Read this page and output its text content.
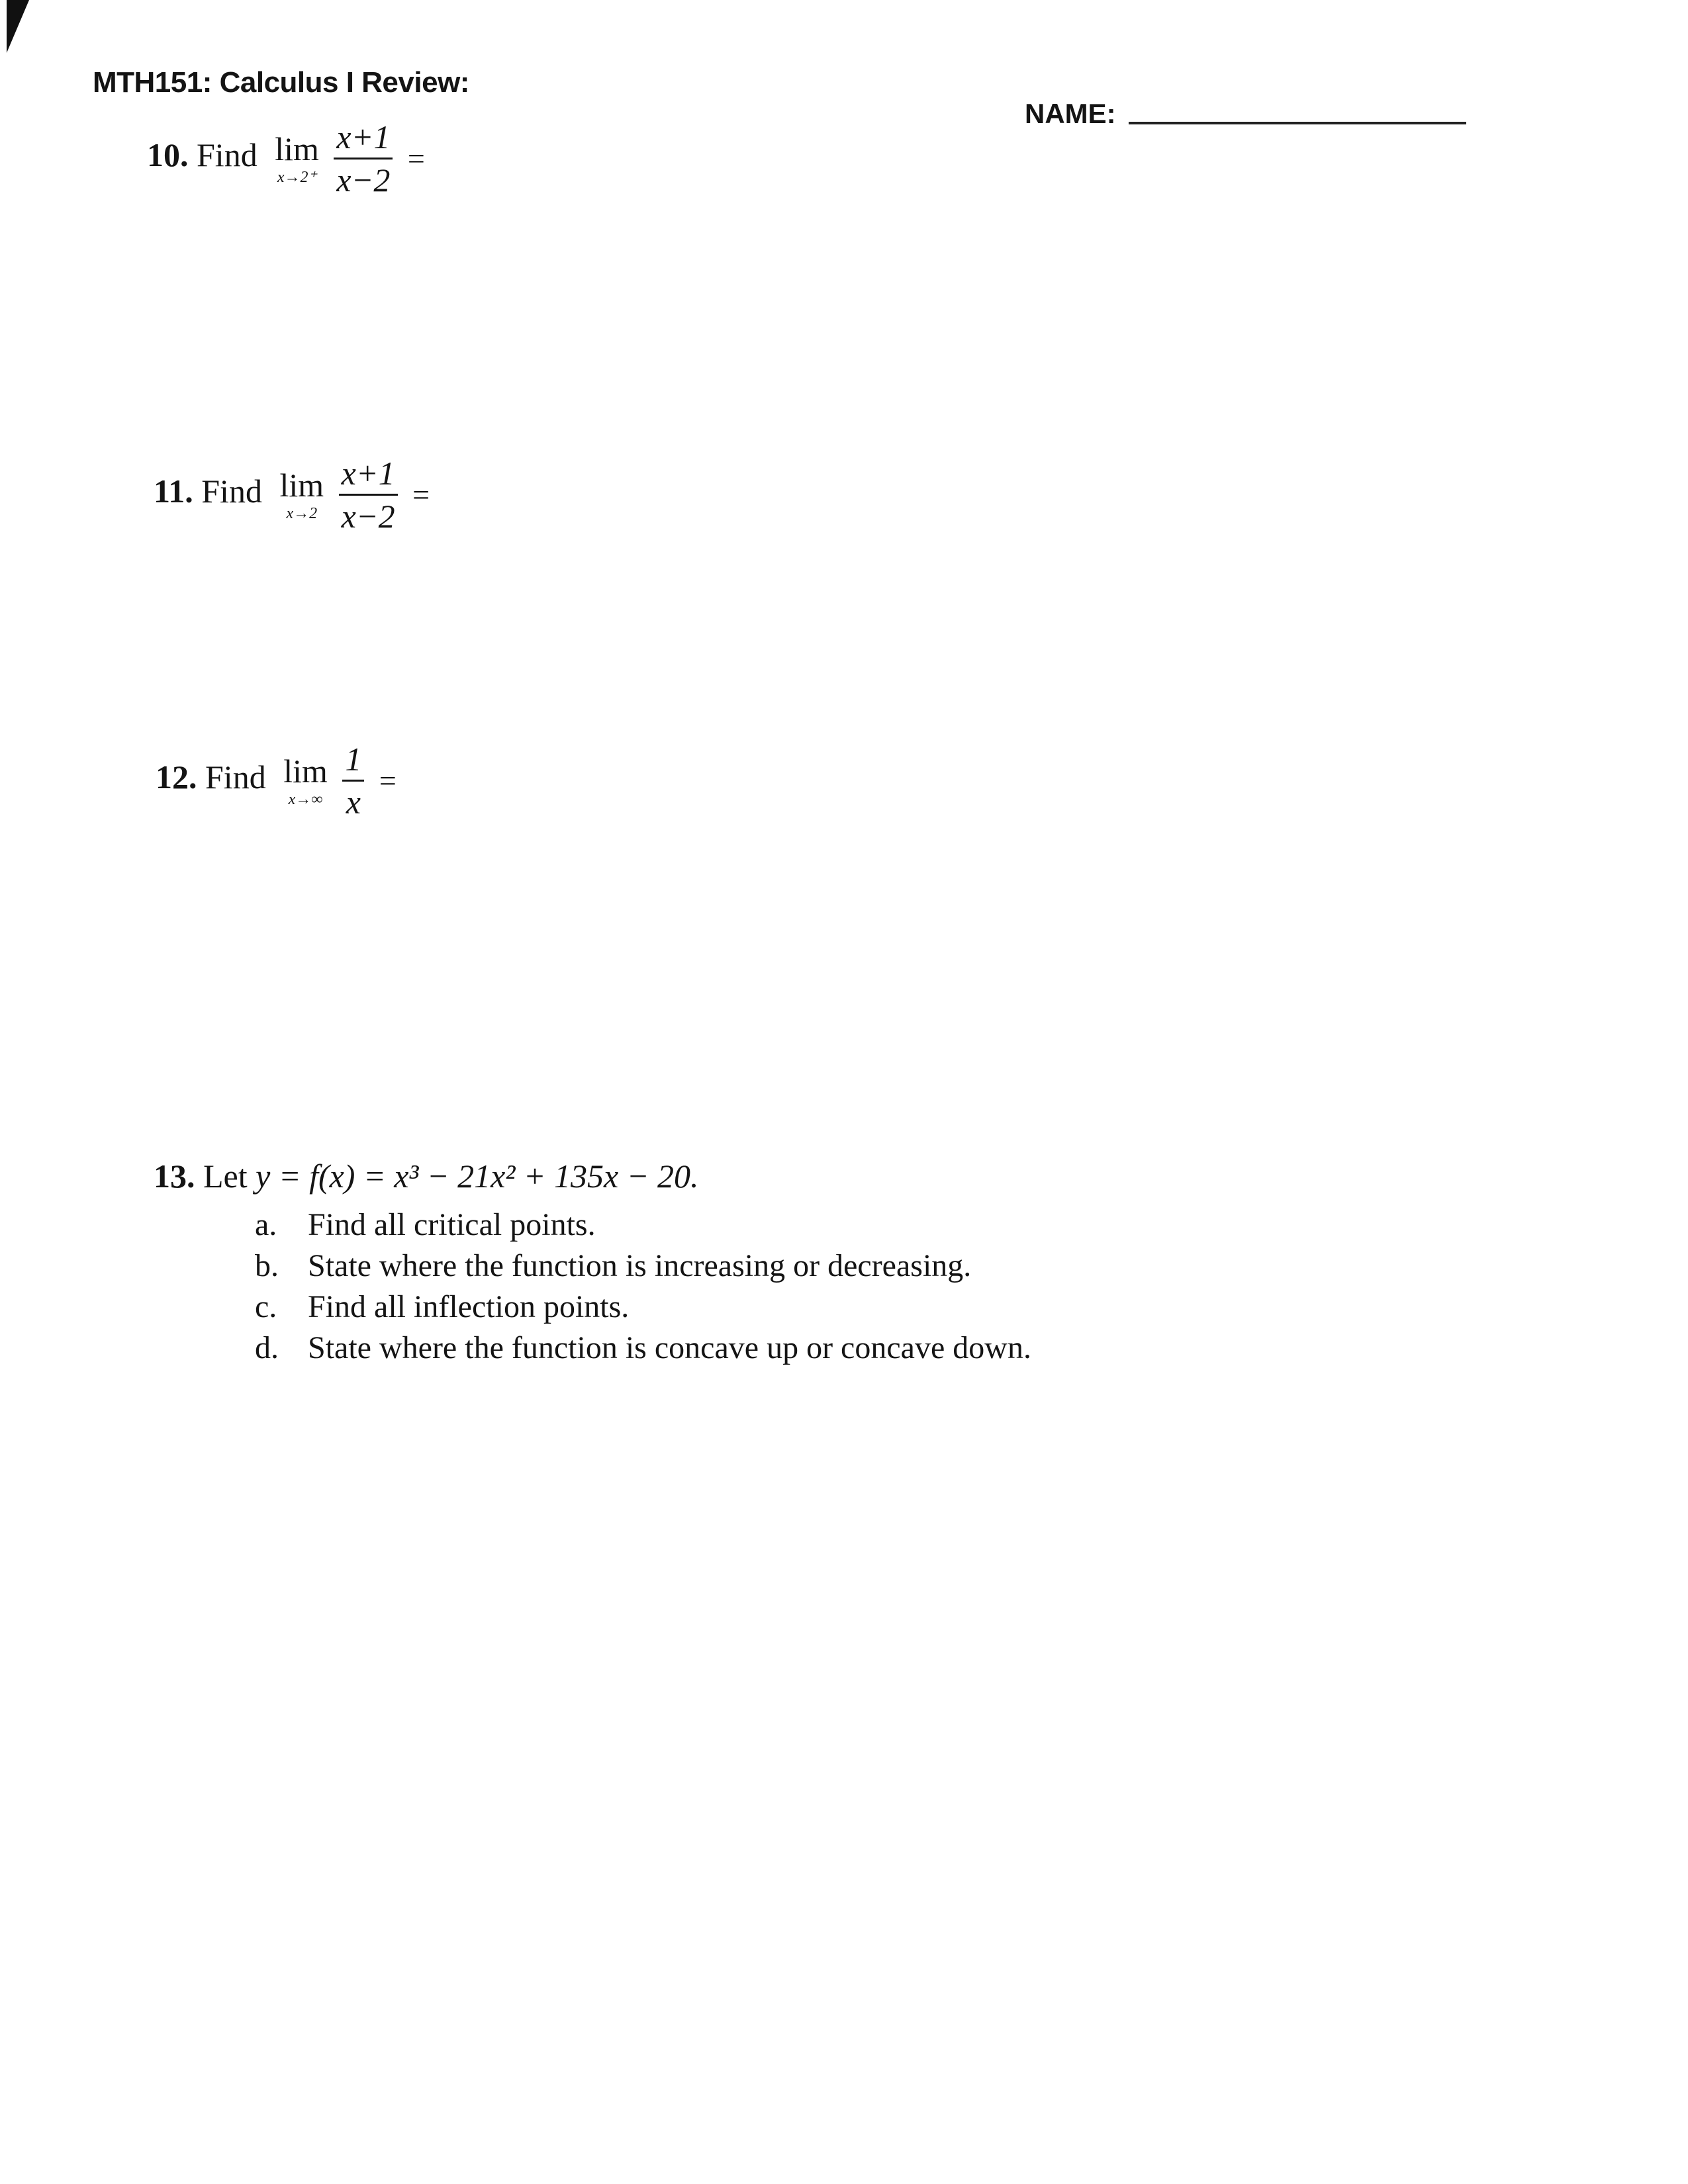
MTH151: Calculus I Review:
NAME:
10. Find lim
x→2⁺
$\frac{x+1}{x-2}$ =
11. Find lim
x→2
$\frac{x+1}{x-2}$ =
12. Find lim
x→∞
$\frac{1}{x}$ =
13. Let y = f(x) = x³ − 21x² + 135x − 20.
a. Find all critical points.
b. State where the function is increasing or decreasing.
c. Find all inflection points.
d. State where the function is concave up or concave down.
